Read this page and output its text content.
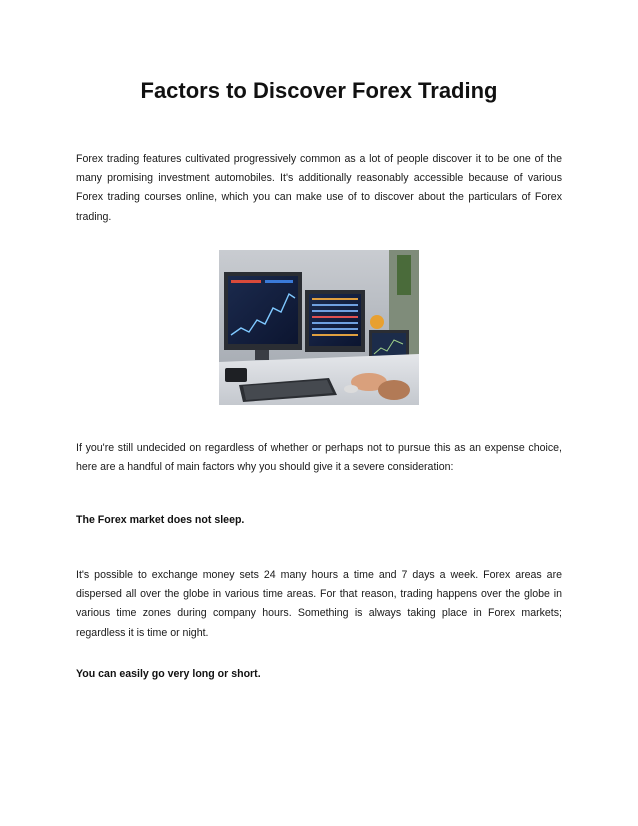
Factors to Discover Forex Trading

Forex trading features cultivated progressively common as a lot of people discover it to be one of the many promising investment automobiles. It's additionally reasonably accessible because of various Forex trading courses online, which you can make use of to discover about the particulars of Forex trading.

If you're still undecided on regardless of whether or perhaps not to pursue this as an expense choice, here are a handful of main factors why you should give it a severe consideration:

The Forex market does not sleep.

It's possible to exchange money sets 24 many hours a time and 7 days a week. Forex areas are dispersed all over the globe in various time areas. For that reason, trading happens over the globe in various time zones during company hours. Something is always taking place in Forex markets; regardless it is time or night.

You can easily go very long or short.
